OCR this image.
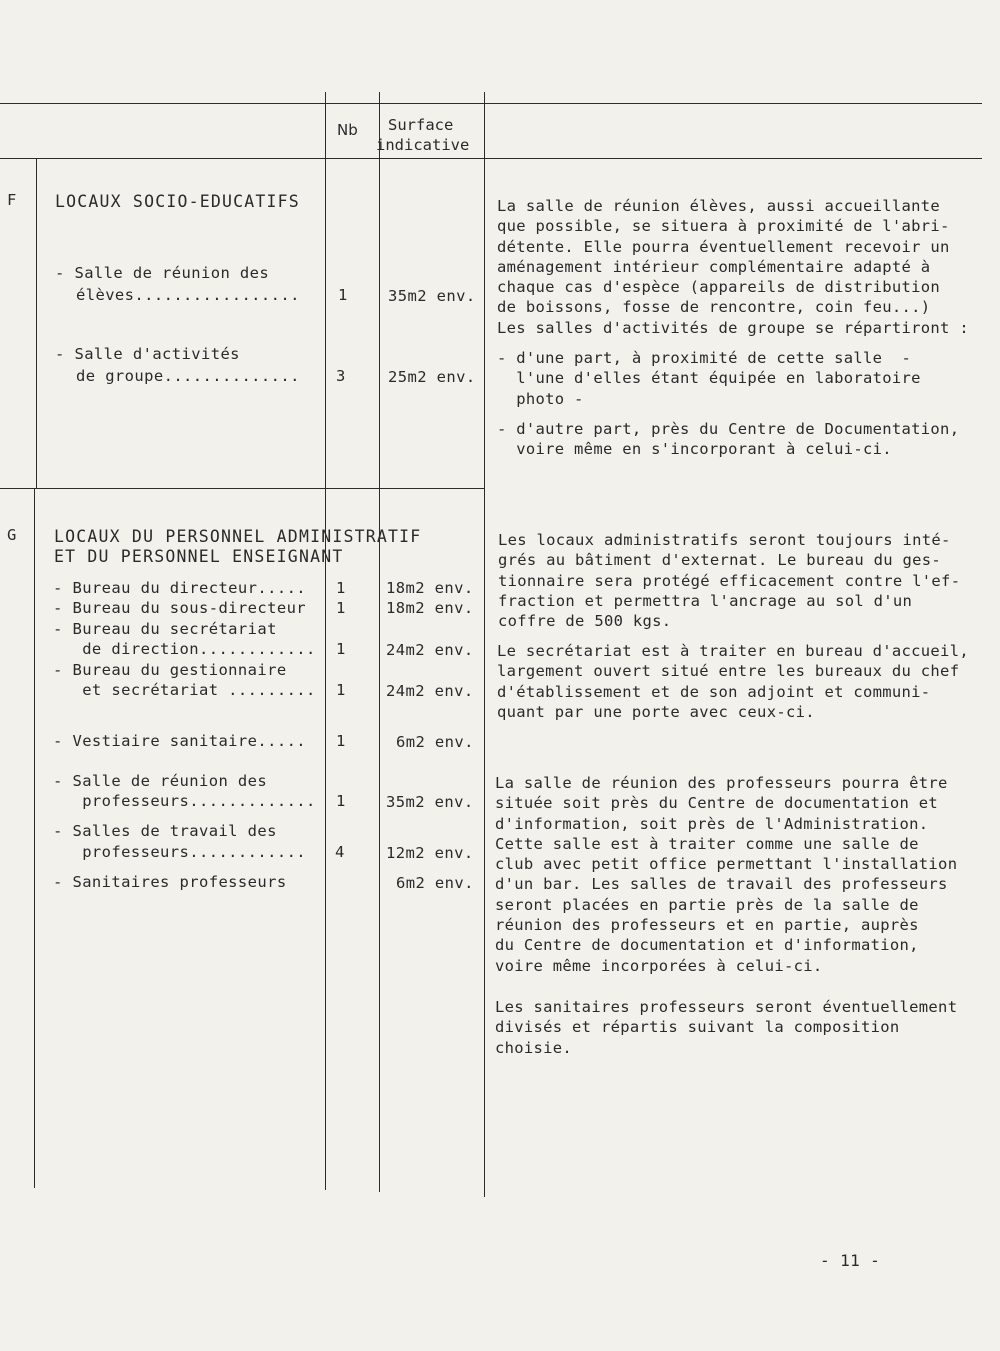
Nb Surface
indicative
F LOCAUX SOCIO-EDUCATIFS
- Salle de réunion des
élèves................. 1	35m2 env.
- Salle d'activités
de groupe.............. 3	25m2 env.
La salle de réunion élèves, aussi accueillante
que possible, se situera à proximité de l'abri-
détente. Elle pourra éventuellement recevoir un
aménagement intérieur complémentaire adapté à
chaque cas d'espèce (appareils de distribution
de boissons, fosse de rencontre, coin feu...)
Les salles d'activités de groupe se répartiront :
- d'une part, à proximité de cette salle  -
l'une d'elles étant équipée en laboratoire
photo -
- d'autre part, près du Centre de Documentation,
voire même en s'incorporant à celui-ci.
G LOCAUX DU PERSONNEL ADMINISTRATIF
ET DU PERSONNEL ENSEIGNANT
- Bureau du directeur..... 1	18m2 env.
- Bureau du sous-directeur 1	18m2 env.
- Bureau du secrétariat
de direction............ 1	24m2 env.
- Bureau du gestionnaire
et secrétariat ......... 1	24m2 env.
- Vestiaire sanitaire..... 1	6m2 env.
- Salle de réunion des
professeurs............. 1	35m2 env.
- Salles de travail des
professeurs............ 4	12m2 env.
- Sanitaires professeurs	6m2 env.
Les locaux administratifs seront toujours inté-
grés au bâtiment d'externat. Le bureau du ges-
tionnaire sera protégé efficacement contre l'ef-
fraction et permettra l'ancrage au sol d'un
coffre de 500 kgs.
Le secrétariat est à traiter en bureau d'accueil,
largement ouvert situé entre les bureaux du chef
d'établissement et de son adjoint et communi-
quant par une porte avec ceux-ci.
La salle de réunion des professeurs pourra être
située soit près du Centre de documentation et
d'information, soit près de l'Administration.
Cette salle est à traiter comme une salle de
club avec petit office permettant l'installation
d'un bar. Les salles de travail des professeurs
seront placées en partie près de la salle de
réunion des professeurs et en partie, auprès
du Centre de documentation et d'information,
voire même incorporées à celui-ci.
Les sanitaires professeurs seront éventuellement
divisés et répartis suivant la composition
choisie.
- 11 -
